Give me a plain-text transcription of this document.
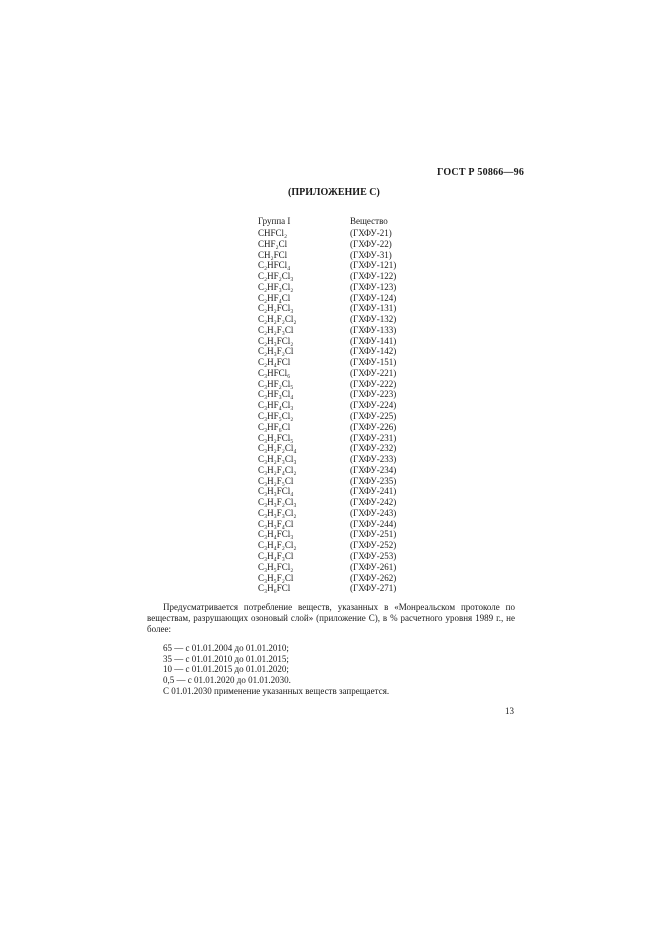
ГОСТ Р 50866—96
(ПРИЛОЖЕНИЕ С)
Группа I	Вещество
CHFCl₂	(ГХФУ-21)
CHF₂Cl	(ГХФУ-22)
CH₂FCl	(ГХФУ-31)
C₂HFCl₄	(ГХФУ-121)
C₂HF₂Cl₃	(ГХФУ-122)
C₂HF₃Cl₂	(ГХФУ-123)
C₂HF₄Cl	(ГХФУ-124)
C₂H₂FCl₃	(ГХФУ-131)
C₂H₂F₂Cl₂	(ГХФУ-132)
C₂H₂F₃Cl	(ГХФУ-133)
C₂H₃FCl₂	(ГХФУ-141)
C₂H₃F₂Cl	(ГХФУ-142)
C₂H₄FCl	(ГХФУ-151)
C₃HFCl₆	(ГХФУ-221)
C₃HF₂Cl₅	(ГХФУ-222)
C₃HF₃Cl₄	(ГХФУ-223)
C₃HF₄Cl₃	(ГХФУ-224)
C₃HF₅Cl₂	(ГХФУ-225)
C₃HF₆Cl	(ГХФУ-226)
C₃H₂FCl₅	(ГХФУ-231)
C₃H₂F₂Cl₄	(ГХФУ-232)
C₃H₂F₃Cl₃	(ГХФУ-233)
C₃H₂F₄Cl₂	(ГХФУ-234)
C₃H₂F₅Cl	(ГХФУ-235)
C₃H₃FCl₄	(ГХФУ-241)
C₃H₃F₂Cl₃	(ГХФУ-242)
C₃H₃F₃Cl₂	(ГХФУ-243)
C₃H₃F₄Cl	(ГХФУ-244)
C₃H₄FCl₃	(ГХФУ-251)
C₃H₄F₂Cl₂	(ГХФУ-252)
C₃H₄F₃Cl	(ГХФУ-253)
C₃H₅FCl₂	(ГХФУ-261)
C₃H₅F₂Cl	(ГХФУ-262)
C₃H₆FCl	(ГХФУ-271)

Предусматривается потребление веществ, указанных в «Монреальском протоколе по веществам, разрушающих озоновый слой» (приложение С), в % расчетного уровня 1989 г., не более:

65 — с 01.01.2004 до 01.01.2010;
35 — с 01.01.2010 до 01.01.2015;
10 — с 01.01.2015 до 01.01.2020;
0,5 — с 01.01.2020 до 01.01.2030.
С 01.01.2030 применение указанных веществ запрещается.
13
